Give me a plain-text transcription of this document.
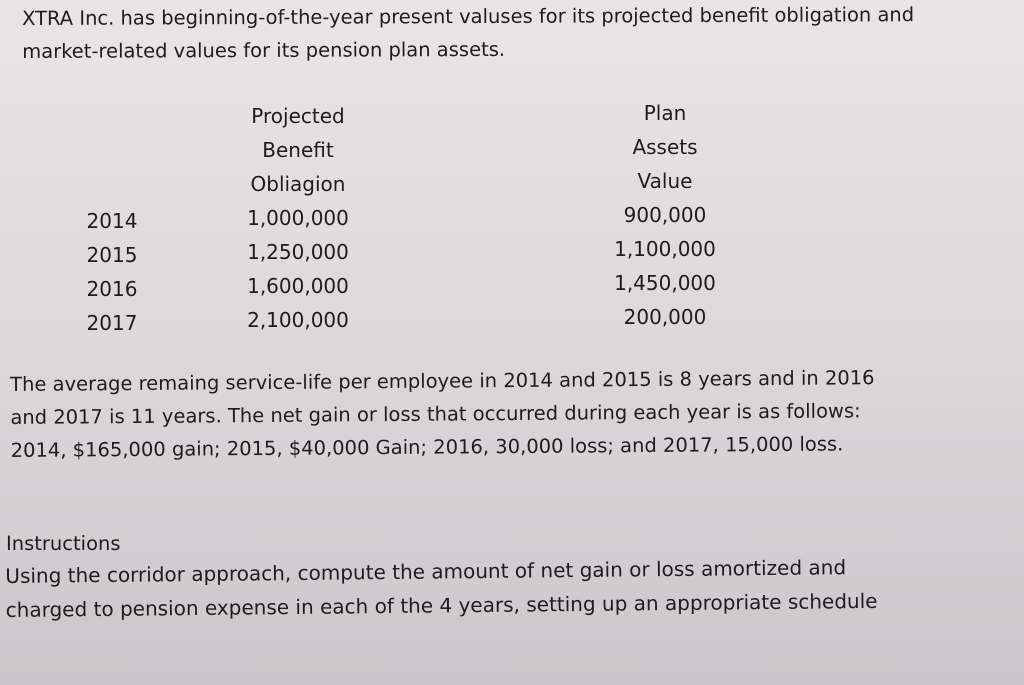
XTRA Inc. has beginning-of-the-year present valuses for its projected benefit obligation and
market-related values for its pension plan assets.
2014
2015
2016
2017
Projected
Benefit
Obliagion
1,000,000
1,250,000
1,600,000
2,100,000
Plan
Assets
Value
900,000
1,100,000
1,450,000
200,000
The average remaing service-life per employee in 2014 and 2015 is 8 years and in 2016
and 2017 is 11 years. The net gain or loss that occurred during each year is as follows:
2014, $165,000 gain; 2015, $40,000 Gain; 2016, 30,000 loss; and 2017, 15,000 loss.
Instructions
Using the corridor approach, compute the amount of net gain or loss amortized and
charged to pension expense in each of the 4 years, setting up an appropriate schedule
